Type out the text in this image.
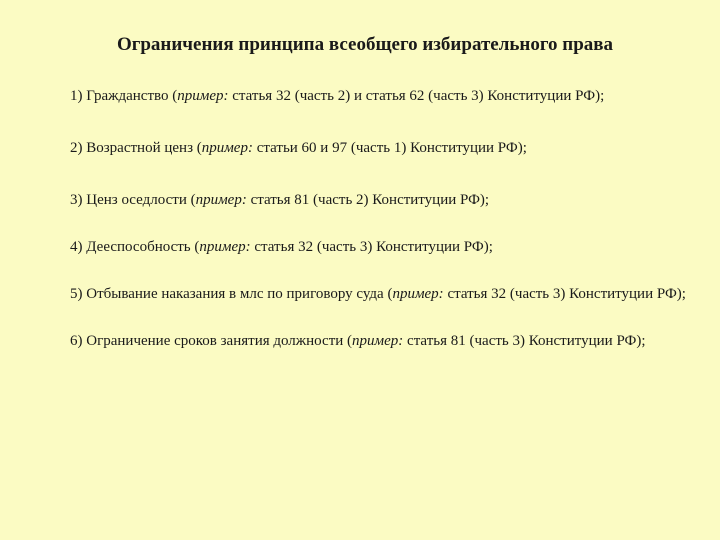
Ограничения принципа всеобщего избирательного права
1) Гражданство (пример: статья 32 (часть 2) и статья 62 (часть 3) Конституции РФ);
2) Возрастной ценз (пример: статьи 60 и 97 (часть 1) Конституции РФ);
3) Ценз оседлости (пример: статья 81 (часть 2) Конституции РФ);
4) Дееспособность (пример: статья 32 (часть 3) Конституции РФ);
5) Отбывание наказания в млс по приговору суда (пример: статья 32 (часть 3) Конституции РФ);
6) Ограничение сроков занятия должности (пример: статья 81 (часть 3) Конституции РФ);
